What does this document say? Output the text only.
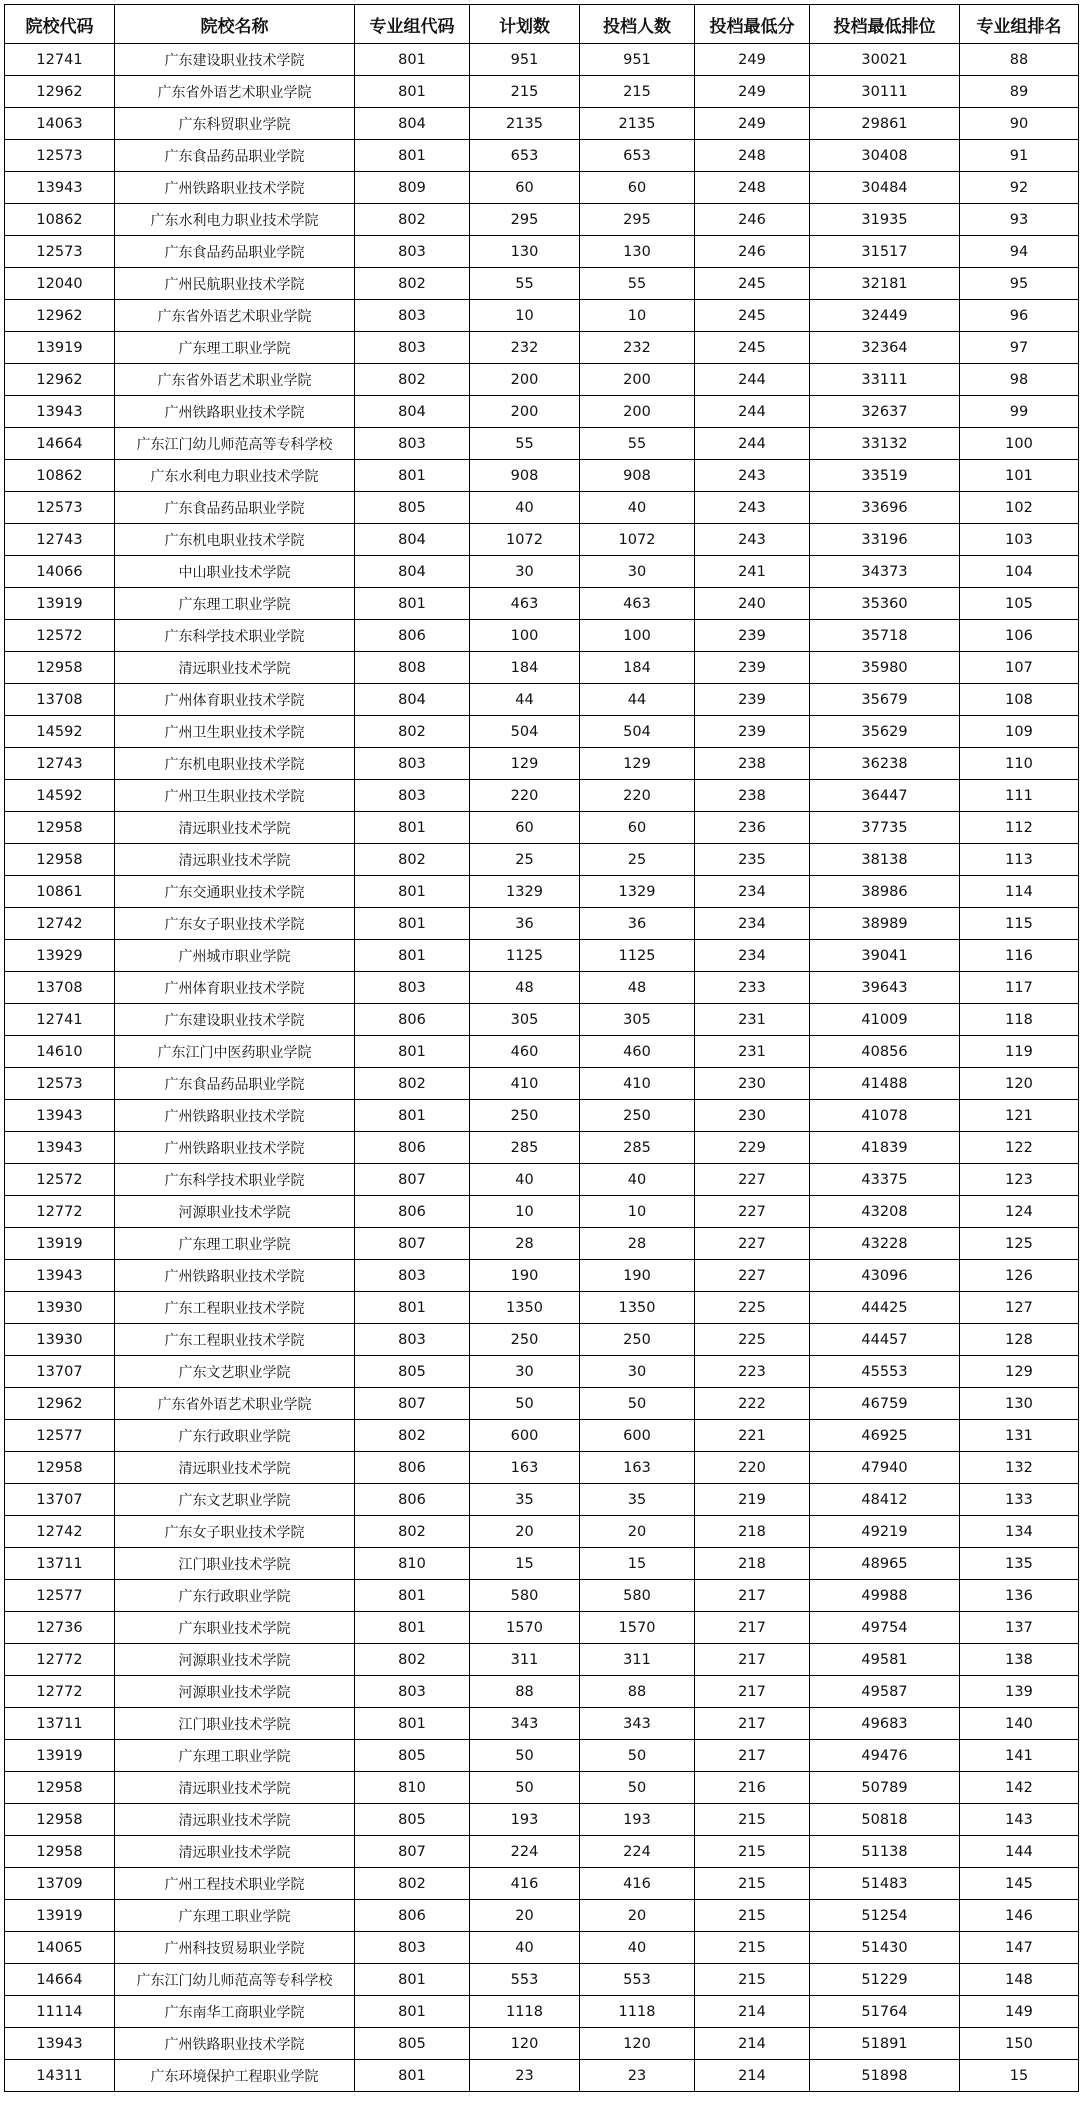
院校代码	院校名称	专业组代码	计划数	投档人数	投档最低分	投档最低排位	专业组排名
12741	广东建设职业技术学院	801	951	951	249	30021	88
12962	广东省外语艺术职业学院	801	215	215	249	30111	89
14063	广东科贸职业学院	804	2135	2135	249	29861	90
12573	广东食品药品职业学院	801	653	653	248	30408	91
13943	广州铁路职业技术学院	809	60	60	248	30484	92
10862	广东水利电力职业技术学院	802	295	295	246	31935	93
12573	广东食品药品职业学院	803	130	130	246	31517	94
12040	广州民航职业技术学院	802	55	55	245	32181	95
12962	广东省外语艺术职业学院	803	10	10	245	32449	96
13919	广东理工职业学院	803	232	232	245	32364	97
12962	广东省外语艺术职业学院	802	200	200	244	33111	98
13943	广州铁路职业技术学院	804	200	200	244	32637	99
14664	广东江门幼儿师范高等专科学校	803	55	55	244	33132	100
10862	广东水利电力职业技术学院	801	908	908	243	33519	101
12573	广东食品药品职业学院	805	40	40	243	33696	102
12743	广东机电职业技术学院	804	1072	1072	243	33196	103
14066	中山职业技术学院	804	30	30	241	34373	104
13919	广东理工职业学院	801	463	463	240	35360	105
12572	广东科学技术职业学院	806	100	100	239	35718	106
12958	清远职业技术学院	808	184	184	239	35980	107
13708	广州体育职业技术学院	804	44	44	239	35679	108
14592	广州卫生职业技术学院	802	504	504	239	35629	109
12743	广东机电职业技术学院	803	129	129	238	36238	110
14592	广州卫生职业技术学院	803	220	220	238	36447	111
12958	清远职业技术学院	801	60	60	236	37735	112
12958	清远职业技术学院	802	25	25	235	38138	113
10861	广东交通职业技术学院	801	1329	1329	234	38986	114
12742	广东女子职业技术学院	801	36	36	234	38989	115
13929	广州城市职业学院	801	1125	1125	234	39041	116
13708	广州体育职业技术学院	803	48	48	233	39643	117
12741	广东建设职业技术学院	806	305	305	231	41009	118
14610	广东江门中医药职业学院	801	460	460	231	40856	119
12573	广东食品药品职业学院	802	410	410	230	41488	120
13943	广州铁路职业技术学院	801	250	250	230	41078	121
13943	广州铁路职业技术学院	806	285	285	229	41839	122
12572	广东科学技术职业学院	807	40	40	227	43375	123
12772	河源职业技术学院	806	10	10	227	43208	124
13919	广东理工职业学院	807	28	28	227	43228	125
13943	广州铁路职业技术学院	803	190	190	227	43096	126
13930	广东工程职业技术学院	801	1350	1350	225	44425	127
13930	广东工程职业技术学院	803	250	250	225	44457	128
13707	广东文艺职业学院	805	30	30	223	45553	129
12962	广东省外语艺术职业学院	807	50	50	222	46759	130
12577	广东行政职业学院	802	600	600	221	46925	131
12958	清远职业技术学院	806	163	163	220	47940	132
13707	广东文艺职业学院	806	35	35	219	48412	133
12742	广东女子职业技术学院	802	20	20	218	49219	134
13711	江门职业技术学院	810	15	15	218	48965	135
12577	广东行政职业学院	801	580	580	217	49988	136
12736	广东职业技术学院	801	1570	1570	217	49754	137
12772	河源职业技术学院	802	311	311	217	49581	138
12772	河源职业技术学院	803	88	88	217	49587	139
13711	江门职业技术学院	801	343	343	217	49683	140
13919	广东理工职业学院	805	50	50	217	49476	141
12958	清远职业技术学院	810	50	50	216	50789	142
12958	清远职业技术学院	805	193	193	215	50818	143
12958	清远职业技术学院	807	224	224	215	51138	144
13709	广州工程技术职业学院	802	416	416	215	51483	145
13919	广东理工职业学院	806	20	20	215	51254	146
14065	广州科技贸易职业学院	803	40	40	215	51430	147
14664	广东江门幼儿师范高等专科学校	801	553	553	215	51229	148
11114	广东南华工商职业学院	801	1118	1118	214	51764	149
13943	广州铁路职业技术学院	805	120	120	214	51891	150
14311	广东环境保护工程职业学院	801	23	23	214	51898	15
